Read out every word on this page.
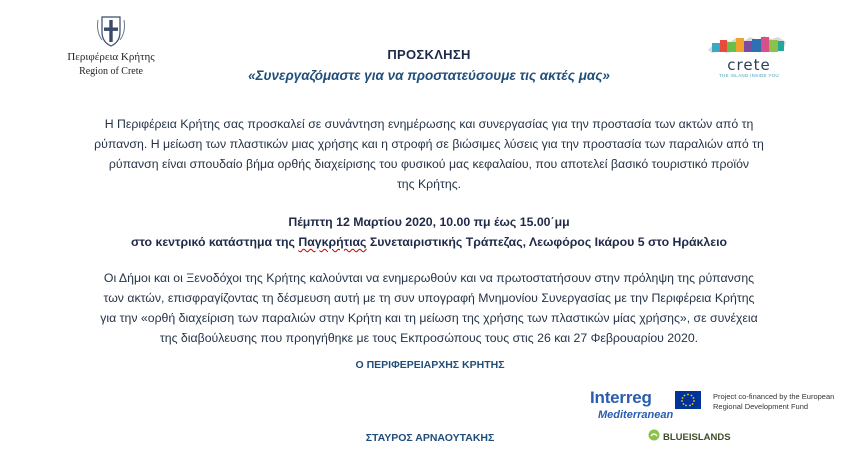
Περιφέρεια Κρήτης
Region of Crete
ΠΡΟΣΚΛΗΣΗ
«Συνεργαζόμαστε για να προστατεύσουμε τις ακτές μας»
crete
THE ISLAND INSIDE YOU
Η Περιφέρεια Κρήτης σας προσκαλεί σε συνάντηση ενημέρωσης και συνεργασίας για την προστασία των ακτών από τη
ρύπανση. Η μείωση των πλαστικών μιας χρήσης και η στροφή σε βιώσιμες λύσεις για την προστασία των παραλιών από τη
ρύπανση είναι σπουδαίο βήμα ορθής διαχείρισης του φυσικού μας κεφαλαίου, που αποτελεί βασικό τουριστικό προϊόν
της Κρήτης.
Πέμπτη 12 Μαρτίου 2020, 10.00 πμ έως 15.00΄μμ
στο κεντρικό κατάστημα της Παγκρήτιας Συνεταιριστικής Τράπεζας, Λεωφόρος Ικάρου 5 στο Ηράκλειο
Οι Δήμοι και οι Ξενοδόχοι της Κρήτης καλούνται να ενημερωθούν και να πρωτοστατήσουν στην πρόληψη της ρύπανσης
των ακτών, επισφραγίζοντας τη δέσμευση αυτή με τη συν υπογραφή Μνημονίου Συνεργασίας με την Περιφέρεια Κρήτης
για την «ορθή διαχείριση των παραλιών στην Κρήτη και τη μείωση της χρήσης των πλαστικών μίας χρήσης», σε συνέχεια
της διαβούλευσης που προηγήθηκε με τους Εκπροσώπους τους στις 26 και 27 Φεβρουαρίου 2020.
Ο ΠΕΡΙΦΕΡΕΙΑΡΧΗΣ ΚΡΗΤΗΣ
ΣΤΑΥΡΟΣ ΑΡΝΑΟΥΤΑΚΗΣ
Interreg
Mediterranean
Project co-financed by the European
Regional Development Fund
BLUEISLANDS
